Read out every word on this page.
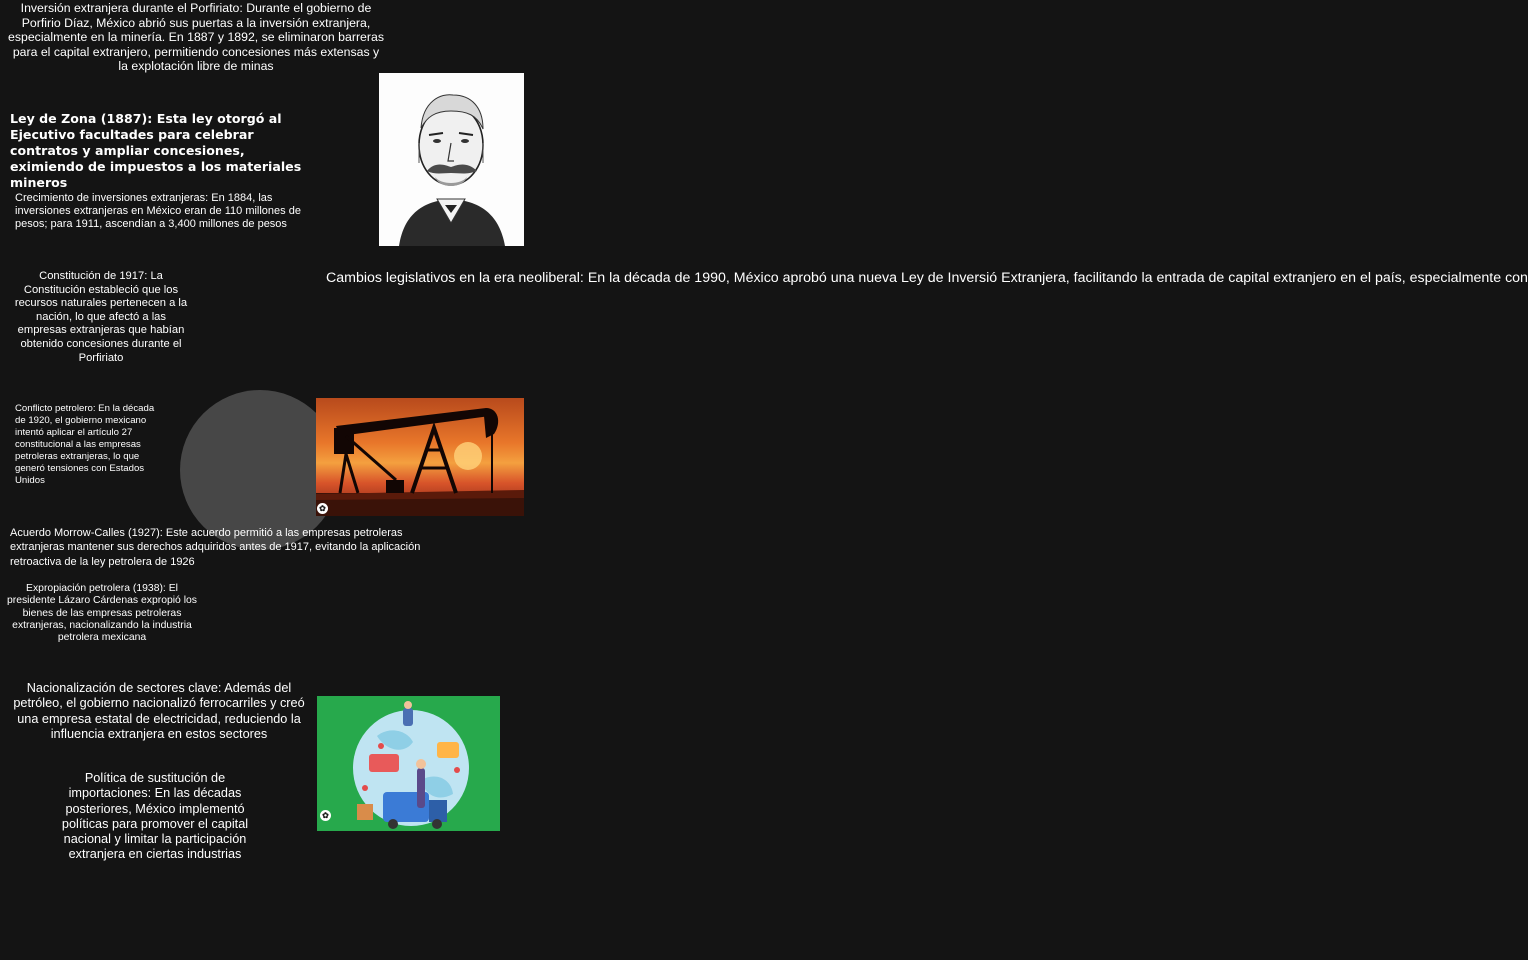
Inversión extranjera durante el Porfiriato: Durante el gobierno de Porfirio Díaz, México abrió sus puertas a la inversión extranjera, especialmente en la minería. En 1887 y 1892, se eliminaron barreras para el capital extranjero, permitiendo concesiones más extensas y la explotación libre de minas

Ley de Zona (1887): Esta ley otorgó al Ejecutivo facultades para celebrar contratos y ampliar concesiones, eximiendo de impuestos a los materiales mineros

Crecimiento de inversiones extranjeras: En 1884, las inversiones extranjeras en México eran de 110 millones de pesos; para 1911, ascendían a 3,400 millones de pesos

Constitución de 1917: La Constitución estableció que los recursos naturales pertenecen a la nación, lo que afectó a las empresas extranjeras que habían obtenido concesiones durante el Porfiriato

Cambios legislativos en la era neoliberal: En la década de 1990, México aprobó una nueva Ley de Inversió Extranjera, facilitando la entrada de capital extranjero en el país, especialmente con

✿

Conflicto petrolero: En la década de 1920, el gobierno mexicano intentó aplicar el artículo 27 constitucional a las empresas petroleras extranjeras, lo que generó tensiones con Estados Unidos

Acuerdo Morrow-Calles (1927): Este acuerdo permitió a las empresas petroleras extranjeras mantener sus derechos adquiridos antes de 1917, evitando la aplicación retroactiva de la ley petrolera de 1926

Expropiación petrolera (1938): El presidente Lázaro Cárdenas expropió los bienes de las empresas petroleras extranjeras, nacionalizando la industria petrolera mexicana

Nacionalización de sectores clave: Además del petróleo, el gobierno nacionalizó ferrocarriles y creó una empresa estatal de electricidad, reduciendo la influencia extranjera en estos sectores

✿

Política de sustitución de importaciones: En las décadas posteriores, México implementó políticas para promover el capital nacional y limitar la participación extranjera en ciertas industrias
